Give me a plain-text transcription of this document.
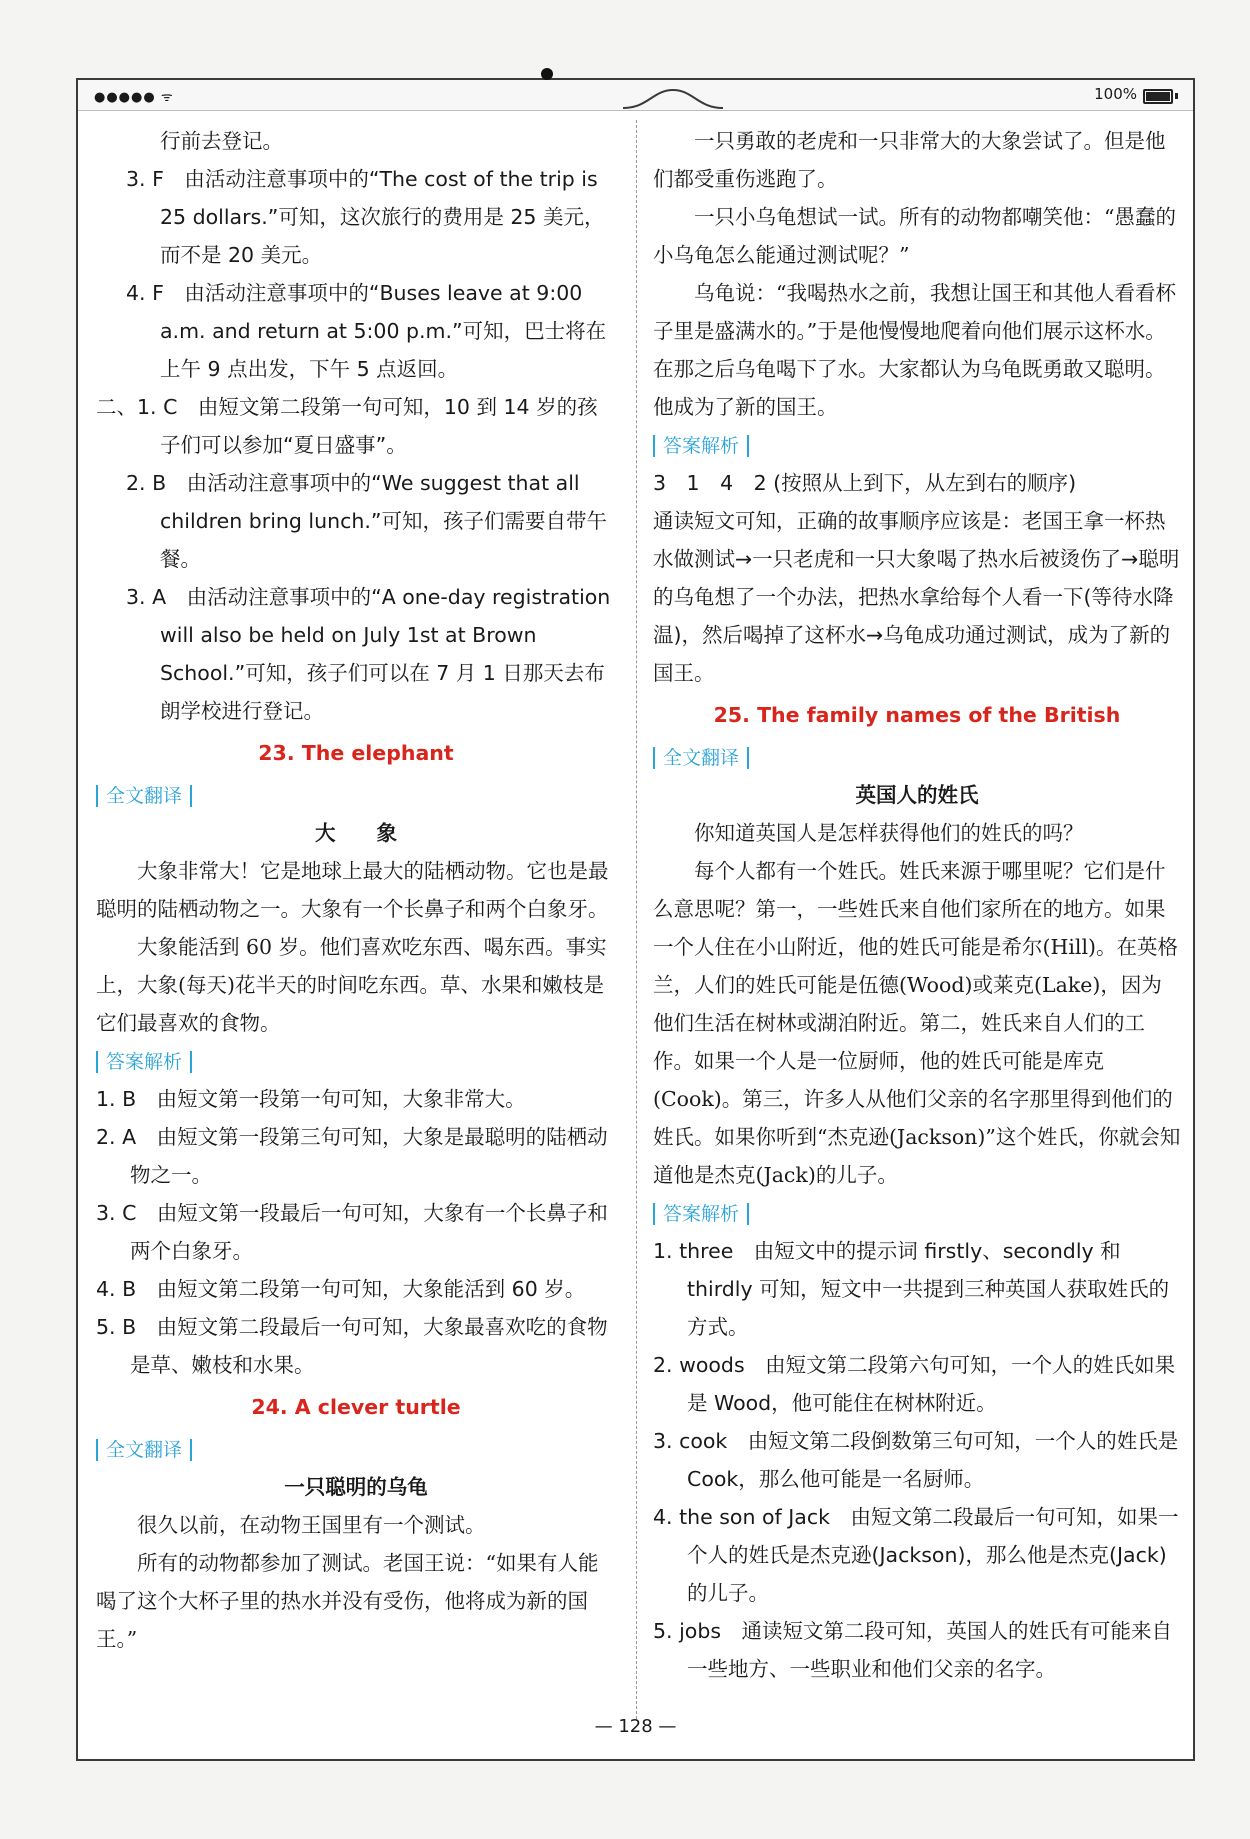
●●●●● ᯤ	100%

行前去登记。

3. F　由活动注意事项中的“The cost of the trip is 25 dollars.”可知，这次旅行的费用是 25 美元，而不是 20 美元。

4. F　由活动注意事项中的“Buses leave at 9:00 a.m. and return at 5:00 p.m.”可知，巴士将在上午 9 点出发，下午 5 点返回。

二、1. C　由短文第二段第一句可知，10 到 14 岁的孩子们可以参加“夏日盛事”。

2. B　由活动注意事项中的“We suggest that all children bring lunch.”可知，孩子们需要自带午餐。

3. A　由活动注意事项中的“A one-day registration will also be held on July 1st at Brown School.”可知，孩子们可以在 7 月 1 日那天去布朗学校进行登记。

23. The elephant
全文翻译
大　　象

大象非常大！它是地球上最大的陆栖动物。它也是最聪明的陆栖动物之一。大象有一个长鼻子和两个白象牙。

大象能活到 60 岁。他们喜欢吃东西、喝东西。事实上，大象(每天)花半天的时间吃东西。草、水果和嫩枝是它们最喜欢的食物。

答案解析

1. B　由短文第一段第一句可知，大象非常大。

2. A　由短文第一段第三句可知，大象是最聪明的陆栖动物之一。

3. C　由短文第一段最后一句可知，大象有一个长鼻子和两个白象牙。

4. B　由短文第二段第一句可知，大象能活到 60 岁。

5. B　由短文第二段最后一句可知，大象最喜欢吃的食物是草、嫩枝和水果。

24. A clever turtle
全文翻译
一只聪明的乌龟

很久以前，在动物王国里有一个测试。

所有的动物都参加了测试。老国王说：“如果有人能喝了这个大杯子里的热水并没有受伤，他将成为新的国王。”

一只勇敢的老虎和一只非常大的大象尝试了。但是他们都受重伤逃跑了。

一只小乌龟想试一试。所有的动物都嘲笑他：“愚蠢的小乌龟怎么能通过测试呢？”

乌龟说：“我喝热水之前，我想让国王和其他人看看杯子里是盛满水的。”于是他慢慢地爬着向他们展示这杯水。在那之后乌龟喝下了水。大家都认为乌龟既勇敢又聪明。他成为了新的国王。

答案解析

3　1　4　2 (按照从上到下，从左到右的顺序)

通读短文可知，正确的故事顺序应该是：老国王拿一杯热水做测试→一只老虎和一只大象喝了热水后被烫伤了→聪明的乌龟想了一个办法，把热水拿给每个人看一下(等待水降温)，然后喝掉了这杯水→乌龟成功通过测试，成为了新的国王。

25. The family names of the British
全文翻译
英国人的姓氏

你知道英国人是怎样获得他们的姓氏的吗？

每个人都有一个姓氏。姓氏来源于哪里呢？它们是什么意思呢？第一，一些姓氏来自他们家所在的地方。如果一个人住在小山附近，他的姓氏可能是希尔(Hill)。在英格兰，人们的姓氏可能是伍德(Wood)或莱克(Lake)，因为他们生活在树林或湖泊附近。第二，姓氏来自人们的工作。如果一个人是一位厨师，他的姓氏可能是库克(Cook)。第三，许多人从他们父亲的名字那里得到他们的姓氏。如果你听到“杰克逊(Jackson)”这个姓氏，你就会知道他是杰克(Jack)的儿子。

答案解析

1. three　由短文中的提示词 firstly、secondly 和 thirdly 可知，短文中一共提到三种英国人获取姓氏的方式。

2. woods　由短文第二段第六句可知，一个人的姓氏如果是 Wood，他可能住在树林附近。

3. cook　由短文第二段倒数第三句可知，一个人的姓氏是 Cook，那么他可能是一名厨师。

4. the son of Jack　由短文第二段最后一句可知，如果一个人的姓氏是杰克逊(Jackson)，那么他是杰克(Jack)的儿子。

5. jobs　通读短文第二段可知，英国人的姓氏有可能来自一些地方、一些职业和他们父亲的名字。

— 128 —
